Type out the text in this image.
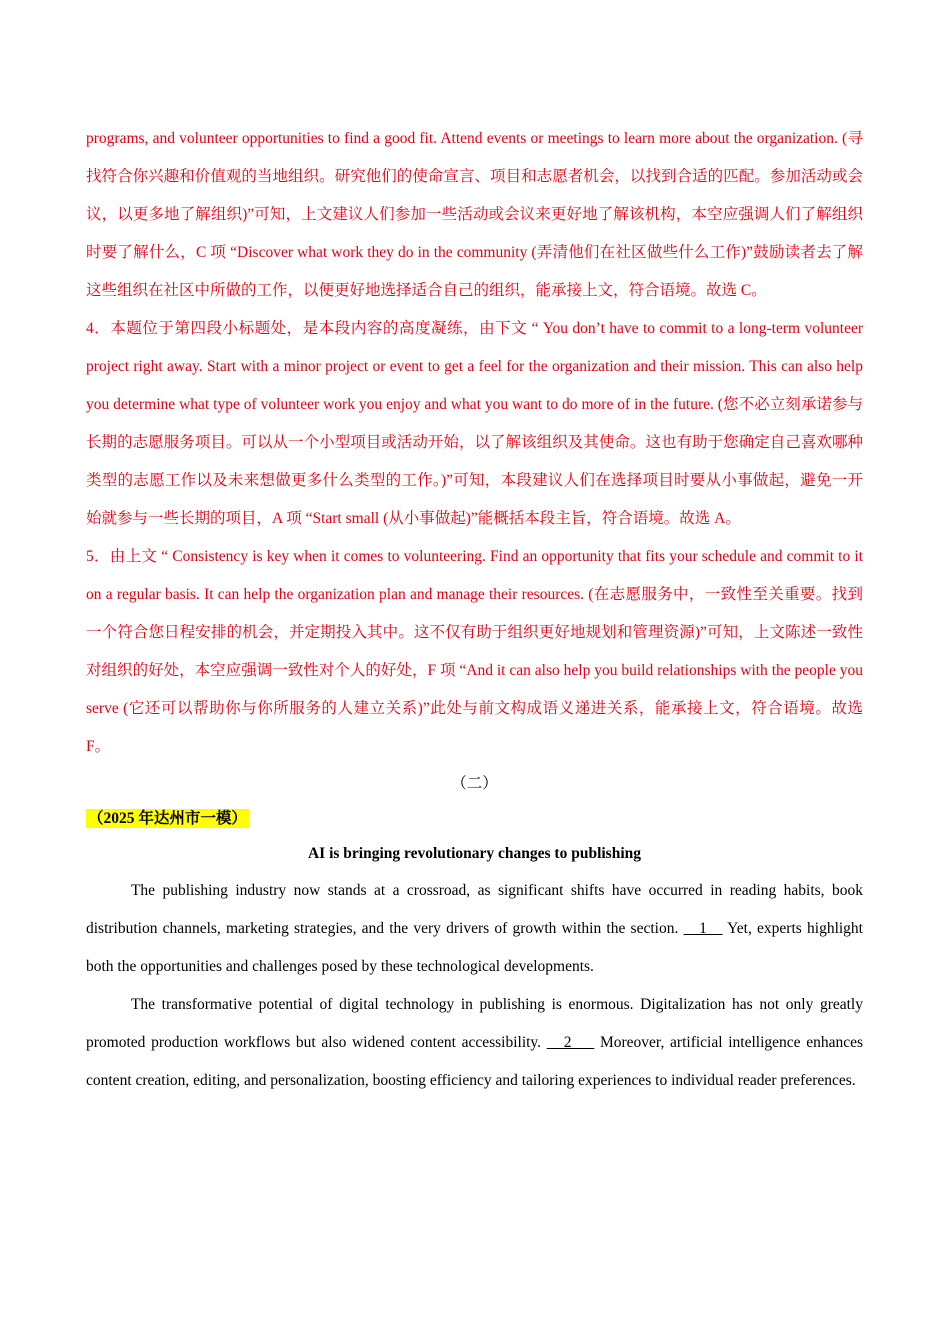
programs, and volunteer opportunities to find a good fit. Attend events or meetings to learn more about the organization. (寻找符合你兴趣和价值观的当地组织。研究他们的使命宣言、项目和志愿者机会，以找到合适的匹配。参加活动或会议，以更多地了解组织)”可知，上文建议人们参加一些活动或会议来更好地了解该机构，本空应强调人们了解组织时要了解什么，C 项 “Discover what work they do in the community (弄清他们在社区做些什么工作)”鼓励读者去了解这些组织在社区中所做的工作，以便更好地选择适合自己的组织，能承接上文，符合语境。故选 C。

4．本题位于第四段小标题处，是本段内容的高度凝练，由下文 “ You don’t have to commit to a long-term volunteer project right away. Start with a minor project or event to get a feel for the organization and their mission. This can also help you determine what type of volunteer work you enjoy and what you want to do more of in the future. (您不必立刻承诺参与长期的志愿服务项目。可以从一个小型项目或活动开始，以了解该组织及其使命。这也有助于您确定自己喜欢哪种类型的志愿工作以及未来想做更多什么类型的工作。)”可知，本段建议人们在选择项目时要从小事做起，避免一开始就参与一些长期的项目，A 项 “Start small (从小事做起)”能概括本段主旨，符合语境。故选 A。

5．由上文 “ Consistency is key when it comes to volunteering. Find an opportunity that fits your schedule and commit to it on a regular basis. It can help the organization plan and manage their resources. (在志愿服务中，一致性至关重要。找到一个符合您日程安排的机会，并定期投入其中。这不仅有助于组织更好地规划和管理资源)”可知，上文陈述一致性对组织的好处，本空应强调一致性对个人的好处，F 项 “And it can also help you build relationships with the people you serve (它还可以帮助你与你所服务的人建立关系)”此处与前文构成语义递进关系，能承接上文，符合语境。故选 F。

（二）

（2025 年达州市一模）

AI is bringing revolutionary changes to publishing

The publishing industry now stands at a crossroad, as significant shifts have occurred in reading habits, book distribution channels, marketing strategies, and the very drivers of growth within the section.    1    Yet, experts highlight both the opportunities and challenges posed by these technological developments.

The transformative potential of digital technology in publishing is enormous. Digitalization has not only greatly promoted production workflows but also widened content accessibility.    2     Moreover, artificial intelligence enhances content creation, editing, and personalization, boosting efficiency and tailoring experiences to individual reader preferences.
